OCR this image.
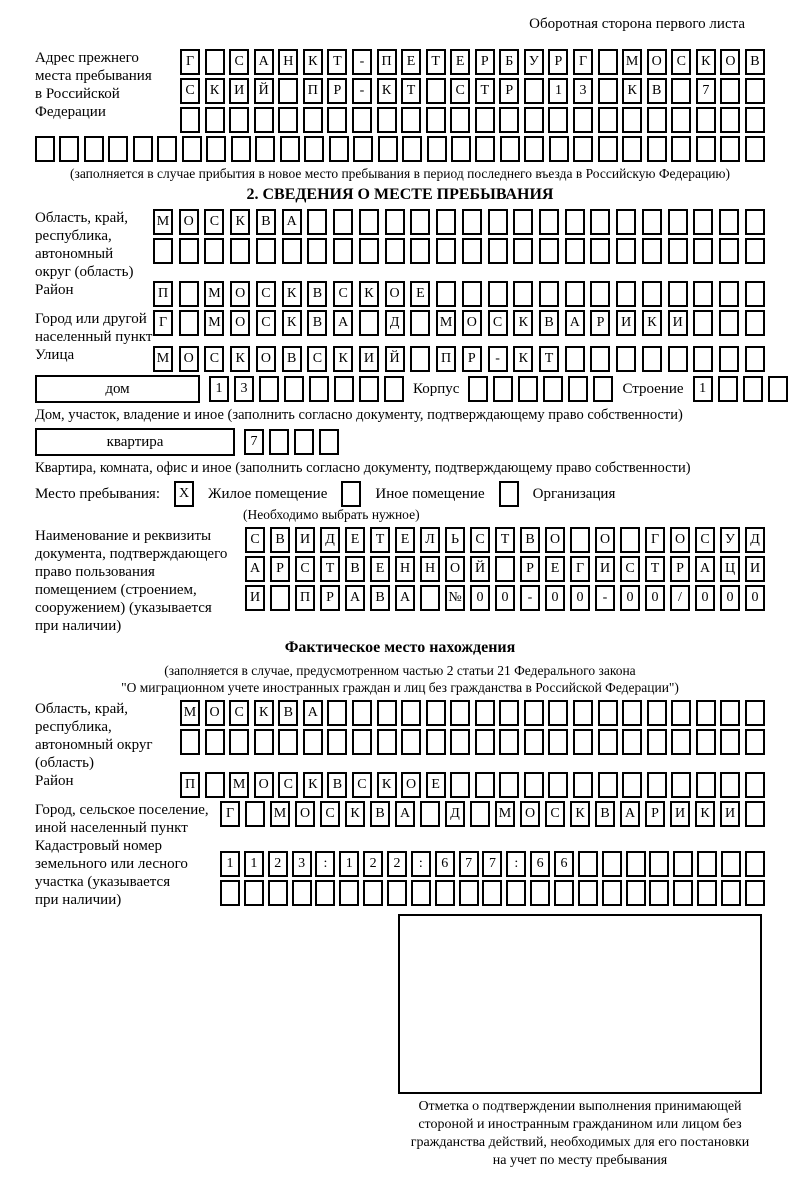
Оборотная сторона первого листа
Адрес прежнего
места пребывания
в Российской
Федерации
Г	С	А	Н	К	Т	-	П	Е	Т	Е	Р	Б	У	Р	Г	М О	С	К	О	В
С	К	И	Й	П	Р	-	К	Т	С	Т	Р	1	3	К	В	7
(заполняется в случае прибытия в новое место пребывания в период последнего въезда в Российскую Федерацию)
2. СВЕДЕНИЯ О МЕСТЕ ПРЕБЫВАНИЯ
Область, край,
республика,
автономный
округ (область)
М	О	С	К	В	А
Район	П	М	О	С	К	В	С	К	О	Е
Город или другой
населенный пункт
Г	М	О	С	К	В	А	Д	М	О	С	К	В	А	Р	И	К	И
Улица	М	О	С	К	О	В	С	К	И	Й	П	Р	-	К	Т
дом	1	3	Корпус	Строение	1
Дом, участок, владение и иное (заполнить согласно документу, подтверждающему право собственности)
квартира	7
Квартира, комната, офис и иное (заполнить согласно документу, подтверждающему право собственности)
Место пребывания:	X	Жилое помещение	Иное помещение	Организация
(Необходимо выбрать нужное)
Наименование и реквизиты
документа, подтверждающего
право пользования
помещением (строением,
сооружением) (указывается
при наличии)
С	В	И	Д	Е	Т	Е	Л	Ь	С	Т	В	О	О	Г	О	С	У	Д
А	Р	С	Т	В	Е	Н	Н	О	Й	Р	Е	Г	И	С	Т	Р	А	Ц	И
И	П	Р	А	В	А	№	0	0	-	0	0	-	0	0	/	0	0	0
Фактическое место нахождения
(заполняется в случае, предусмотренном частью 2 статьи 21 Федерального закона
"О миграционном учете иностранных граждан и лиц без гражданства в Российской Федерации")
Область, край,
республика,
автономный округ
(область)
М О	С	К	В	А
Район	П	М О	С	К	В	С	К	О	Е
Город, сельское поселение,
иной населенный пункт
Г	М О	С	К	В	А	Д	М О	С	К	В	А	Р	И	К	И
Кадастровый номер
земельного или лесного
участка (указывается
при наличии)
1	1	2	3	:	1	2	2	:	6	7	7	:	6	6
Отметка о подтверждении выполнения принимающей
стороной и иностранным гражданином или лицом без
гражданства действий, необходимых для его постановки
на учет по месту пребывания
